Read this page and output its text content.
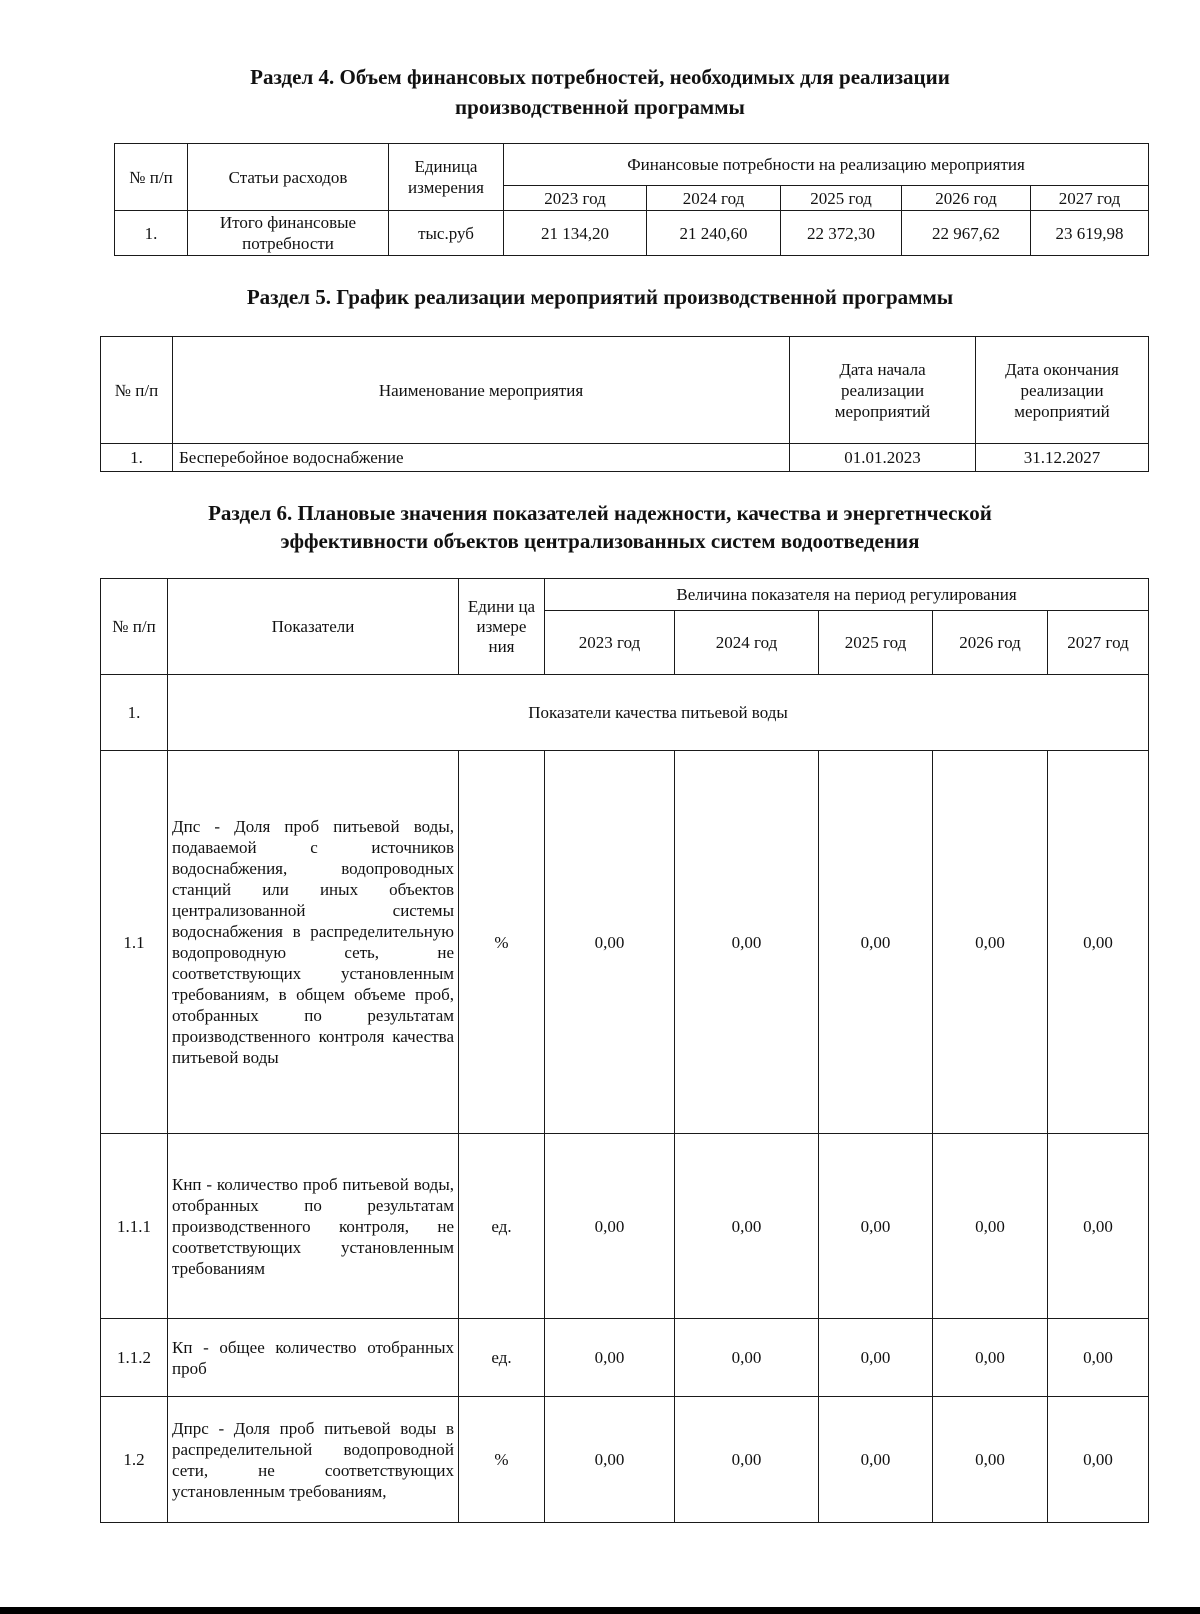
Раздел 4. Объем финансовых потребностей, необходимых для реализации

производственной программы

№ п/п	Статьи расходов	Единица измерения	Финансовые потребности на реализацию мероприятия				
			2023 год	2024 год	2025 год	2026 год	2027 год
1.	Итого финансовые потребности	тыс.руб	21 134,20	21 240,60	22 372,30	22 967,62	23 619,98

Раздел 5. График реализации мероприятий производственной программы

№ п/п	Наименование мероприятия	Дата начала реализации мероприятий	Дата окончания реализации мероприятий
1.	Бесперебойное водоснабжение	01.01.2023	31.12.2027

Раздел 6. Плановые значения показателей надежности, качества и энергетнческой

эффективности объектов централизованных систем водоотведения

№ п/п	Показатели	Едини ца измере ния	Величина показателя на период регулирования				
			2023 год	2024 год	2025 год	2026 год	2027 год
1.	Показатели качества питьевой воды						
1.1	Дпс - Доля проб питьевой воды, подаваемой с источников водоснабжения, водопроводных станций или иных объектов централизованной системы водоснабжения в распределительную водопроводную сеть, не соответствующих установленным требованиям, в общем объеме проб, отобранных по результатам производственного контроля качества питьевой воды	%	0,00	0,00	0,00	0,00	0,00
1.1.1	Кнп - количество проб питьевой воды, отобранных по результатам производственного контроля, не соответствующих установленным требованиям	ед.	0,00	0,00	0,00	0,00	0,00
1.1.2	Кп - общее количество отобранных проб	ед.	0,00	0,00	0,00	0,00	0,00
1.2	Дпрс - Доля проб питьевой воды в распределительной водопроводной сети, не соответствующих установленным требованиям,	%	0,00	0,00	0,00	0,00	0,00
